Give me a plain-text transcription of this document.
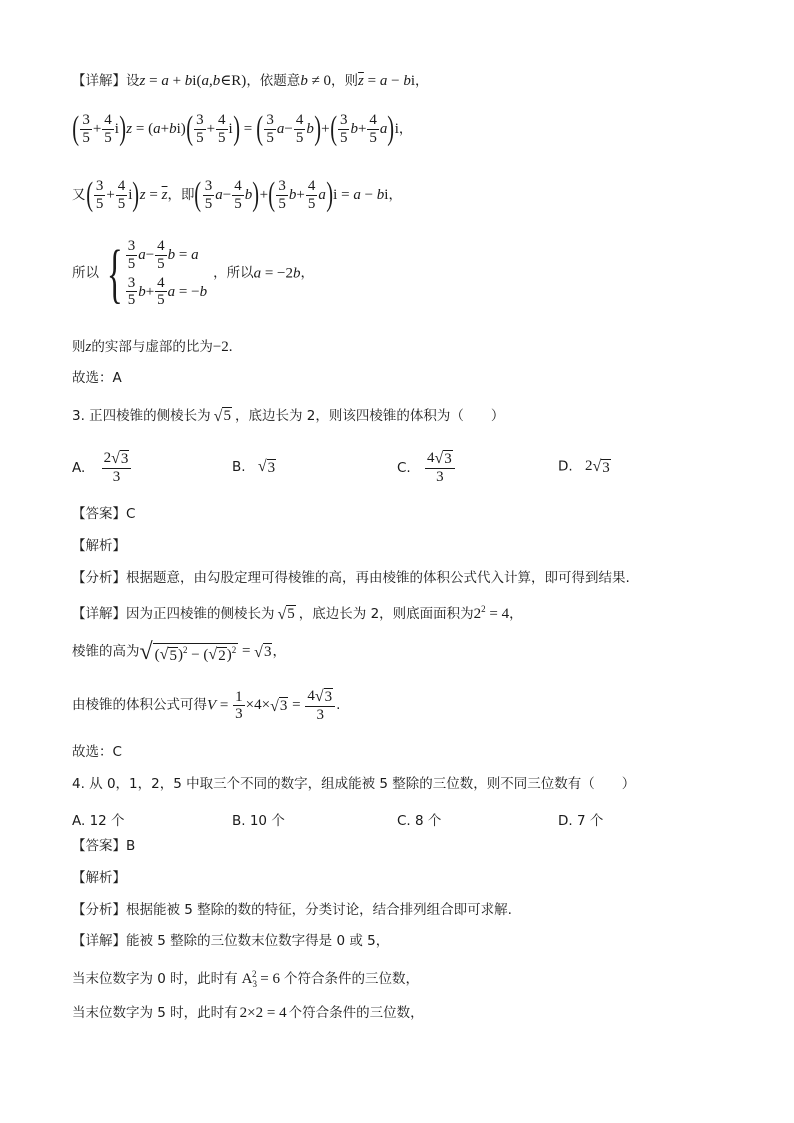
【详解】设z = a + bi(a,b∈R)，依题意b ≠ 0，则$\overline{z} = a$ − bi，
( $\frac{3}{5} + \frac{4}{5}$ i ) z = (a+bi) ( $\frac{3}{5} + \frac{4}{5}$ i ) = ( $\frac{3}{5}$ $a - \frac{4}{5}$ b ) + ( $\frac{3}{5}$ $b + \frac{4}{5}$ a ) i，
又 ( $\frac{3}{5} + \frac{4}{5}$ i ) $z = \overline{z}$，即 ( $\frac{3}{5}$ $a - \frac{4}{5}$ b ) + ( $\frac{3}{5}$ $b + \frac{4}{5}$ a ) i = a − bi，
所以 { $\frac{3}{5} a- \frac{4}{5}$ b = a
$\frac{3}{5} b+ \frac{4}{5}$ a = −b
，所以a = −2b，
则z的实部与虚部的比为−2.
故选：A
3. 正四棱锥的侧棱长为 √ 5 ，底边长为 2，则该四棱锥的体积为（　　）
A. $\frac{2 √ 3}{3}$	B. √ 3	C. $\frac{4 √ 3}{3}$	D. 2 √ 3
【答案】C
【解析】
【分析】根据题意，由勾股定理可得棱锥的高，再由棱锥的体积公式代入计算，即可得到结果.
【详解】因为正四棱锥的侧棱长为 √ 5 ，底边长为 2，则底面面积为$2^2 = 4$，
棱锥的高为 √ ( √ 5 )$^2$ − ( √ 2 )$^2$ = √ 3 ，
由棱锥的体积公式可得$V = \frac{1}{3} \times 4\times$ √ $3 = \frac{4 √ 3}{3}$ .
故选：C
4. 从 0，1，2，5 中取三个不同的数字，组成能被 5 整除的三位数，则不同三位数有（　　）
A. 12 个	B. 10 个	C. 8 个	D. 7 个
【答案】B
【解析】
【分析】根据能被 5 整除的数的特征，分类讨论，结合排列组合即可求解.
【详解】能被 5 整除的三位数末位数字得是 0 或 5，
当末位数字为 0 时，此时有 $A_3^2 = 6$ 个符合条件的三位数，
当末位数字为 5 时，此时有 2×2 = 4 个符合条件的三位数，
